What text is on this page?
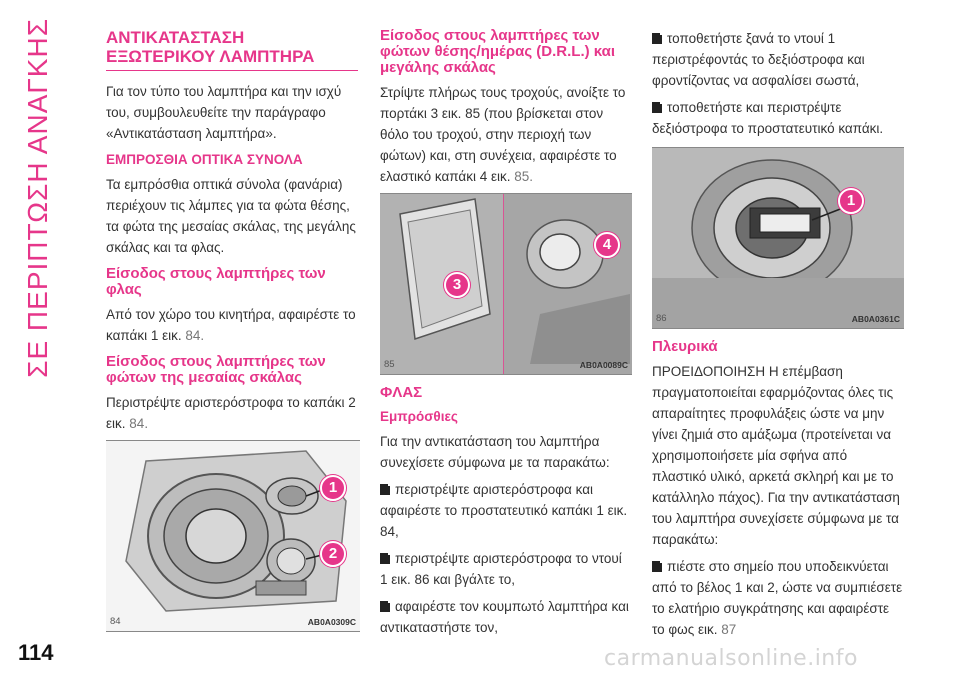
ΣΕ ΠΕΡΙΠΤΩΣΗ ΑΝΑΓΚΗΣ	ΑΝΤΙΚΑΤΑΣΤΑΣΗ ΕΞΩΤΕΡΙΚΟΥ ΛΑΜΠΤΗΡΑ

Για τον τύπο του λαμπτήρα και την ισχύ του, συμβουλευθείτε την παράγραφο «Αντικατάσταση λαμπτήρα».

ΕΜΠΡΟΣΘΙΑ ΟΠΤΙΚΑ ΣΥΝΟΛΑ

Τα εμπρόσθια οπτικά σύνολα (φανάρια) περιέχουν τις λάμπες για τα φώτα θέσης, τα φώτα της μεσαίας σκάλας, της μεγάλης σκάλας και τα φλας.

Είσοδος στους λαμπτήρες των φλας

Από τον χώρο του κινητήρα, αφαιρέστε το καπάκι 1 εικ. 84.

Είσοδος στους λαμπτήρες των φώτων της μεσαίας σκάλας

Περιστρέψτε αριστερόστροφα το καπάκι 2 εικ. 84.

1
2
84	AB0A0309C
Είσοδος στους λαμπτήρες των φώτων θέσης/ημέρας (D.R.L.) και μεγάλης σκάλας

Στρίψτε πλήρως τους τροχούς, ανοίξτε το πορτάκι 3 εικ. 85 (που βρίσκεται στον θόλο του τροχού, στην περιοχή των φώτων) και, στη συνέχεια, αφαιρέστε το ελαστικό καπάκι 4 εικ. 85.

3
4
85	AB0A0089C
ΦΛΑΣ
Εμπρόσθιες

Για την αντικατάσταση του λαμπτήρα συνεχίσετε σύμφωνα με τα παρακάτω:

περιστρέψτε αριστερόστροφα και αφαιρέστε το προστατευτικό καπάκι 1 εικ. 84,

περιστρέψτε αριστερόστροφα το ντουί 1 εικ. 86 και βγάλτε το,

αφαιρέστε τον κουμπωτό λαμπτήρα και αντικαταστήστε τον,

τοποθετήστε ξανά το ντουί 1 περιστρέφοντάς το δεξιόστροφα και φροντίζοντας να ασφαλίσει σωστά,

τοποθετήστε και περιστρέψτε δεξιόστροφα το προστατευτικό καπάκι.

1
86	AB0A0361C
Πλευρικά

ΠΡΟΕΙΔΟΠΟΙΗΣΗ Η επέμβαση πραγματοποιείται εφαρμόζοντας όλες τις απαραίτητες προφυλάξεις ώστε να μην γίνει ζημιά στο αμάξωμα (προτείνεται να χρησιμοποιήσετε μία σφήνα από πλαστικό υλικό, αρκετά σκληρή και με το κατάλληλο πάχος). Για την αντικατάσταση του λαμπτήρα συνεχίσετε σύμφωνα με τα παρακάτω:

πιέστε στο σημείο που υποδεικνύεται από το βέλος 1 και 2, ώστε να συμπιέσετε το ελατήριο συγκράτησης και αφαιρέστε το φως εικ. 87

114	carmanualsonline.info
